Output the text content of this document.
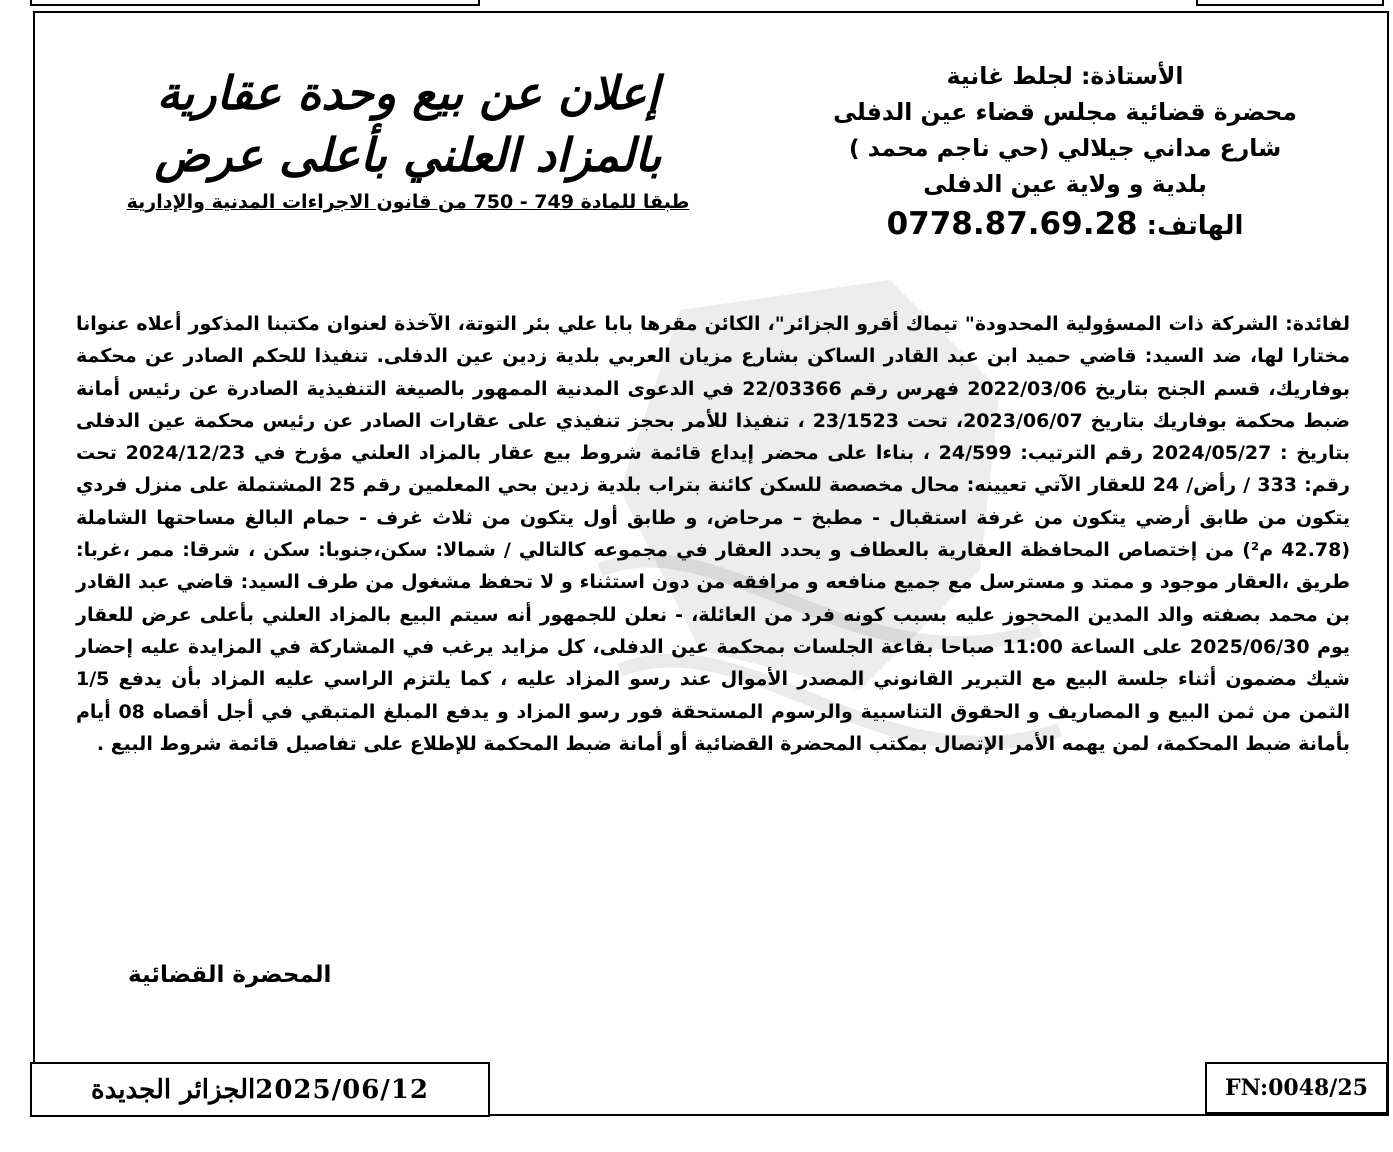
الأستاذة: لجلط غانية
محضرة قضائية مجلس قضاء عين الدفلى
شارع مداني جيلالي (حي ناجم محمد )
بلدية و ولاية عين الدفلى
الهاتف: 0778.87.69.28
إعلان عن بيع وحدة عقارية
بالمزاد العلني بأعلى عرض
طبقا للمادة 749 - 750 من قانون الاجراءات المدنية والإدارية
لفائدة: الشركة ذات المسؤولية المحدودة" تيماك أقرو الجزائر"، الكائن مقرها بابا علي بئر التوتة، الآخذة لعنوان مكتبنا المذكور أعلاه عنوانا مختارا لها، ضد السيد: قاضي حميد ابن عبد القادر الساكن بشارع مزيان العربي بلدية زدين عين الدفلى. تنفيذا للحكم الصادر عن محكمة بوفاريك، قسم الجنح بتاريخ 2022/03/06 فهرس رقم 22/03366 في الدعوى المدنية الممهور بالصيغة التنفيذية الصادرة عن رئيس أمانة ضبط محكمة بوفاريك بتاريخ 2023/06/07، تحت 23/1523 ، تنفيذا للأمر بحجز تنفيذي على عقارات الصادر عن رئيس محكمة عين الدفلى بتاريخ : 2024/05/27 رقم الترتيب: 24/599 ، بناءا على محضر إيداع قائمة شروط بيع عقار بالمزاد العلني مؤرخ في 2024/12/23 تحت رقم: 333 / رأض/ 24 للعقار الآتي تعيينه: محال مخصصة للسكن كائنة بتراب بلدية زدين بحي المعلمين رقم 25 المشتملة على منزل فردي يتكون من طابق أرضي يتكون من غرفة استقبال - مطبخ – مرحاض، و طابق أول يتكون من ثلاث غرف - حمام البالغ مساحتها الشاملة (42.78 م²) من إختصاص المحافظة العقارية بالعطاف و يحدد العقار في مجموعه كالتالي / شمالا: سكن،جنوبا: سكن ، شرقا: ممر ،غربا: طريق ،العقار موجود و ممتد و مسترسل مع جميع منافعه و مرافقه من دون استثناء و لا تحفظ مشغول من طرف السيد: قاضي عبد القادر بن محمد بصفته والد المدين المحجوز عليه بسبب كونه فرد من العائلة، - نعلن للجمهور أنه سيتم البيع بالمزاد العلني بأعلى عرض للعقار يوم 2025/06/30 على الساعة 11:00 صباحا بقاعة الجلسات بمحكمة عين الدفلى، كل مزايد يرغب في المشاركة في المزايدة عليه إحضار شيك مضمون أثناء جلسة البيع مع التبرير القانوني المصدر الأموال عند رسو المزاد عليه ، كما يلتزم الراسي عليه المزاد بأن يدفع 1/5 الثمن من ثمن البيع و المصاريف و الحقوق التناسبية والرسوم المستحقة فور رسو المزاد و يدفع المبلغ المتبقي في أجل أقصاه 08 أيام بأمانة ضبط المحكمة، لمن يهمه الأمر الإتصال بمكتب المحضرة القضائية أو أمانة ضبط المحكمة للإطلاع على تفاصيل قائمة شروط البيع .
المحضرة القضائية
الجزائر الجديدة 2025/06/12	FN:0048/25
